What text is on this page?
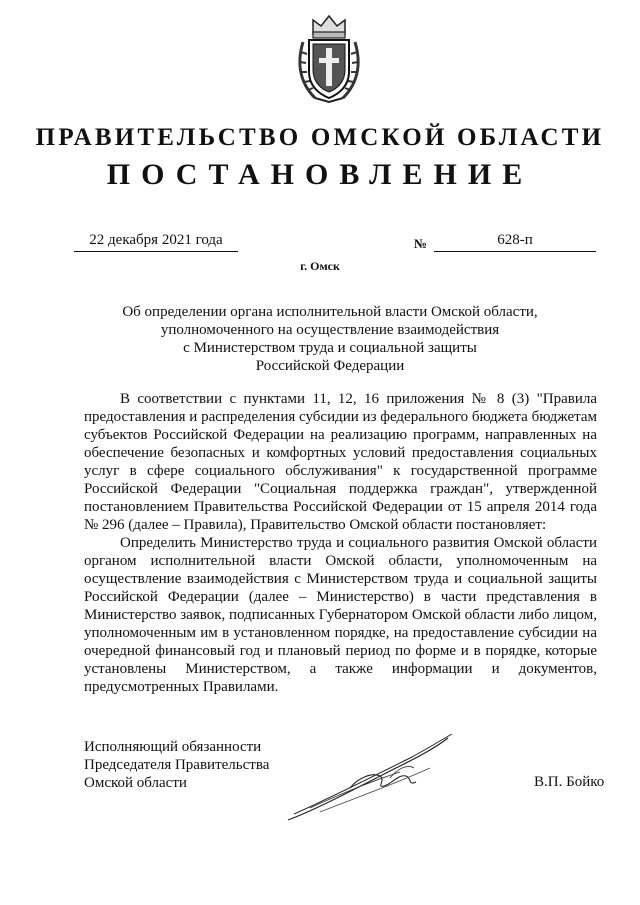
ПРАВИТЕЛЬСТВО ОМСКОЙ ОБЛАСТИ
ПОСТАНОВЛЕНИЕ
22 декабря 2021 года	№	628-п
г. Омск
Об определении органа исполнительной власти Омской области,
уполномоченного на осуществление взаимодействия
с Министерством труда и социальной защиты
Российской Федерации

В соответствии с пунктами 11, 12, 16 приложения № 8 (3) "Правила предоставления и распределения субсидии из федерального бюджета бюджетам субъектов Российской Федерации на реализацию программ, направленных на обеспечение безопасных и комфортных условий предоставления социальных услуг в сфере социального обслуживания" к государственной программе Российской Федерации "Социальная поддержка граждан", утвержденной постановлением Правительства Российской Федерации от 15 апреля 2014 года № 296 (далее – Правила), Правительство Омской области постановляет:

Определить Министерство труда и социального развития Омской области органом исполнительной власти Омской области, уполномоченным на осуществление взаимодействия с Министерством труда и социальной защиты Российской Федерации (далее – Министерство) в части представления в Министерство заявок, подписанных Губернатором Омской области либо лицом, уполномоченным им в установленном порядке, на предоставление субсидии на очередной финансовый год и плановый период по форме и в порядке, которые установлены Министерством, а также информации и документов, предусмотренных Правилами.

Исполняющий обязанности
Председателя Правительства
Омской области	В.П. Бойко
